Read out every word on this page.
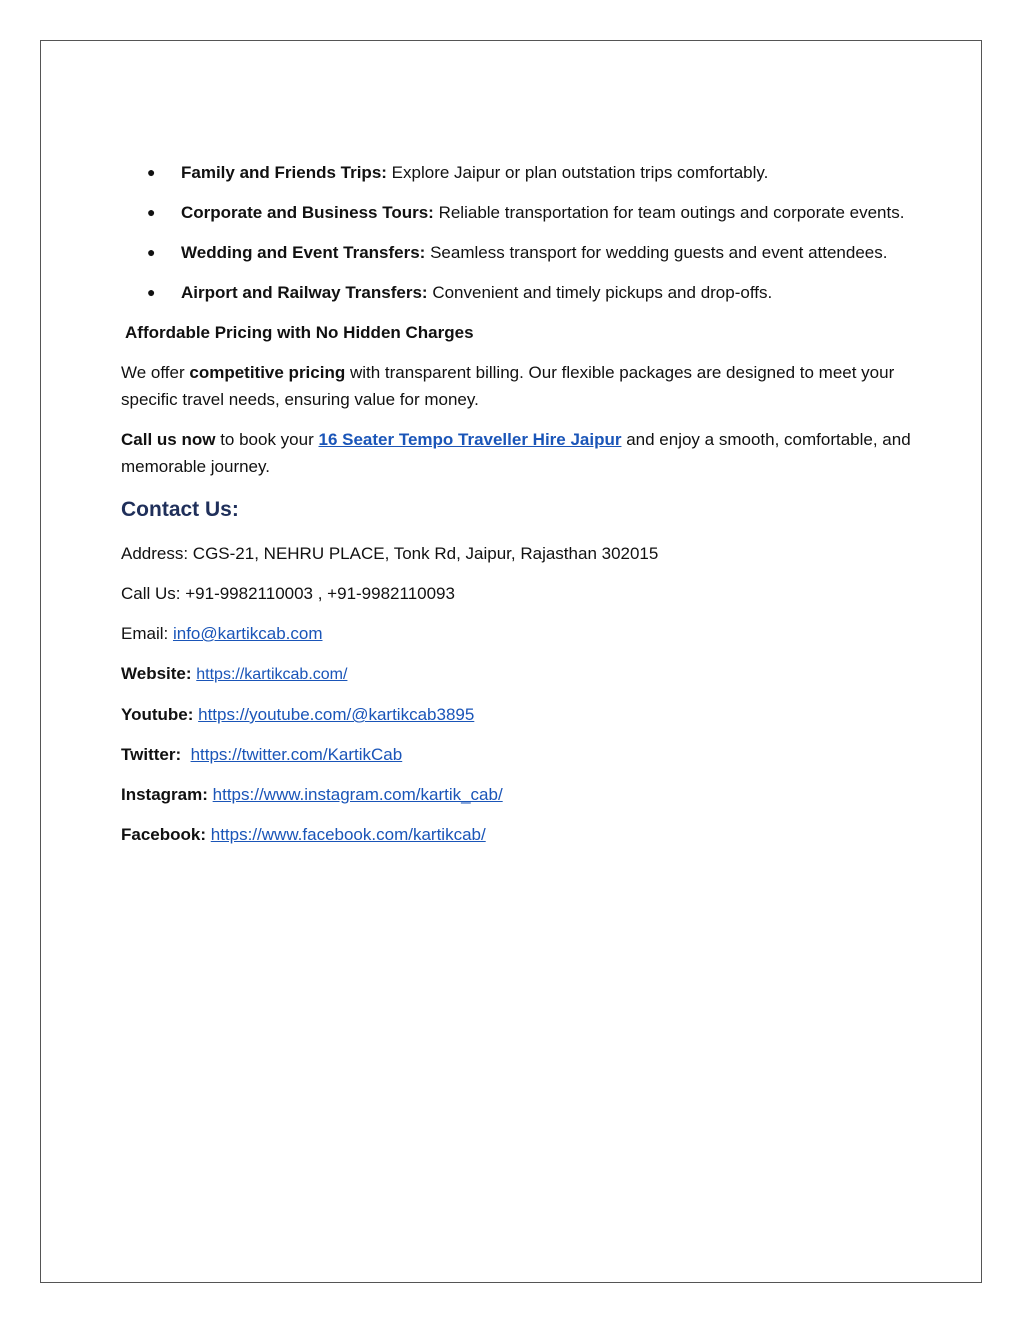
● Family and Friends Trips: Explore Jaipur or plan outstation trips comfortably.
● Corporate and Business Tours: Reliable transportation for team outings and corporate events.
● Wedding and Event Transfers: Seamless transport for wedding guests and event attendees.
● Airport and Railway Transfers: Convenient and timely pickups and drop-offs.

Affordable Pricing with No Hidden Charges

We offer competitive pricing with transparent billing. Our flexible packages are designed to meet your specific travel needs, ensuring value for money.

Call us now to book your 16 Seater Tempo Traveller Hire Jaipur and enjoy a smooth, comfortable, and memorable journey.

Contact Us:
Address: CGS-21, NEHRU PLACE, Tonk Rd, Jaipur, Rajasthan 302015
Call Us: +91-9982110003 , +91-9982110093
Email: info@kartikcab.com
Website: https://kartikcab.com/
Youtube: https://youtube.com/@kartikcab3895
Twitter:  https://twitter.com/KartikCab
Instagram: https://www.instagram.com/kartik_cab/
Facebook: https://www.facebook.com/kartikcab/
